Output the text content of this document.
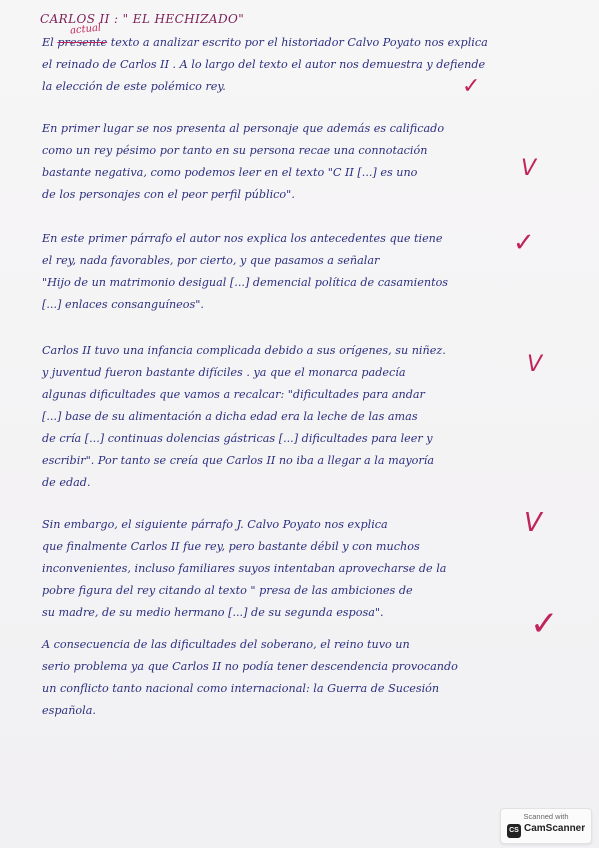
CARLOS II : " EL HECHIZADO"
actual
El presente texto a analizar escrito por el historiador Calvo Poyato nos explica
el reinado de Carlos II . A lo largo del texto el autor nos demuestra y defiende
la elección de este polémico rey.
En primer lugar se nos presenta al personaje que además es calificado
como un rey pésimo por tanto en su persona recae una connotación
bastante negativa, como podemos leer en el texto "C II [...] es uno
de los personajes con el peor perfil público".
En este primer párrafo el autor nos explica los antecedentes que tiene
el rey, nada favorables, por cierto, y que pasamos a señalar
"Hijo de un matrimonio desigual [...] demencial política de casamientos
[...] enlaces consanguíneos".
Carlos II tuvo una infancia complicada debido a sus orígenes, su niñez.
y juventud fueron bastante difíciles . ya que el monarca padecía
algunas dificultades que vamos a recalcar: "dificultades para andar
[...] base de su alimentación a dicha edad era la leche de las amas
de cría [...] continuas dolencias gástricas [...] dificultades para leer y
escribir". Por tanto se creía que Carlos II no iba a llegar a la mayoría
de edad.
Sin embargo, el siguiente párrafo J. Calvo Poyato nos explica
que finalmente Carlos II fue rey, pero bastante débil y con muchos
inconvenientes, incluso familiares suyos intentaban aprovecharse de la
pobre figura del rey citando al texto " presa de las ambiciones de
su madre, de su medio hermano [...] de su segunda esposa".
A consecuencia de las dificultades del soberano, el reino tuvo un
serio problema ya que Carlos II no podía tener descendencia provocando
un conflicto tanto nacional como internacional: la Guerra de Sucesión
española.
✓
V
✓
V
V
✓
Scanned with
CS CamScanner
